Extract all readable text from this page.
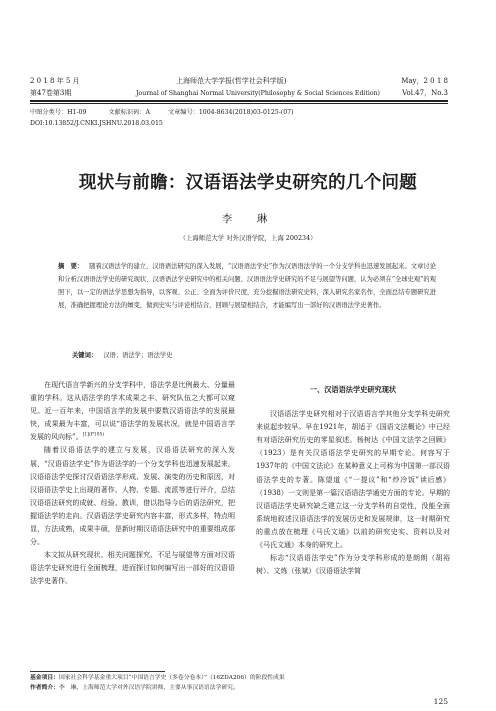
2 0 1 8 年 5 月
第47卷第3期
上海师范大学学报(哲学社会科学版)
Journal of Shanghai Normal University(Philosophy & Social Sciences Edition)
May，2 0 1 8
Vol.47，No.3
中图分类号：H1-09	文献标识码：A	文章编号：1004-8634(2018)03-0125-(07)
DOI:10.13852/J.CNKI.JSHNU.2018.03.015
现状与前瞻：汉语语法学史研究的几个问题
李　琳
（上海师范大学 对外汉语学院，上海 200234）
摘　要： 随着汉语法学的建立、汉语语法研究的深入发展，“汉语语法学史”作为汉语语法学的一个分支学科也迅速发展起来。文章讨论和分析汉语语法学史的研究现状、汉语语法学史研究中的相关问题、汉语语法学史研究的不足与展望等问题，认为必须在“全球史观”的观照下，以一定的语法学思想为指导，以客观、公正、全面为评价尺度，充分挖掘语法研究史料，深入研究名家名作，全面总结专题研究进展，准确把握理论方法的嬗变，做到史实与评论相结合，回顾与展望相结合，才能编写出一部好的汉语语法学史著作。
关键词： 汉语；语法学；语法学史

在现代语言学新兴的分支学科中，语法学是比例最大、分量最重的学科。这从语法学的学术成果之丰、研究队伍之大都可以窥见。近一百年来，中国语言学的发展中要数汉语语法学的发展最快，成果最为丰富，可以说“语法学的发展状况，就是中国语言学发展的风向标”。$^{[1](P105)}$

随着汉语语法学的建立与发展，汉语语法研究的深入发展，“汉语语法学史”作为语法学的一个分支学科也迅速发展起来。汉语语法学史探讨汉语语法学形成、发展、演变的历史和原因，对汉语语法学史上出现的著作、人物、专题、流派等进行评介，总结汉语语法研究的成就、经验、教训，借以指导今后的语法研究，把握语法学的走向。汉语语法学史研究内容丰富，形式多样，特点明显，方法成熟，成果丰硕，是新时期汉语语法研究中的重要组成部分。

本文拟从研究现状、相关问题探究、不足与展望等方面对汉语语法学史研究进行全面梳理，进而探讨如何编写出一部好的汉语语法学史著作。

一、汉语语法学史研究现状

汉语语法学史研究相对于汉语语言学其他分支学科史研究来说起步较早。早在1921年，胡适于《国语文法概论》中已经有对语法研究历史的零星叙述。杨树达《中国文法学之回顾》（1923）是有关汉语语法学史研究的早期专论。何容写于1937年的《中国文法论》在某种意义上可称为中国第一部汉语语法学史的专著。陈望道《“一提议”和“炒冷饭”读后感》（1938）一文则是第一篇汉语语法学通史方面的专论。早期的汉语语法学史研究缺乏建立这一分支学科的自觉性，没能全面系统地叙述汉语语法学的发展历史和发展规律，这一时期研究的重点放在梳理《马氏文通》以前的研究史实、资料以及对《马氏文通》本身的研究上。

标志“汉语语法学史”作为分支学科形成的是朗朗（胡裕树）、文炼（张斌）《汉语语法学简

基金项目：国家社会科学基金重大项目“中国语言学史（多卷分卷本）”（16ZDA206）的阶段性成果
作者简介：李　琳，上海师范大学对外汉语学院讲师，主要从事汉语语法学研究。
125
